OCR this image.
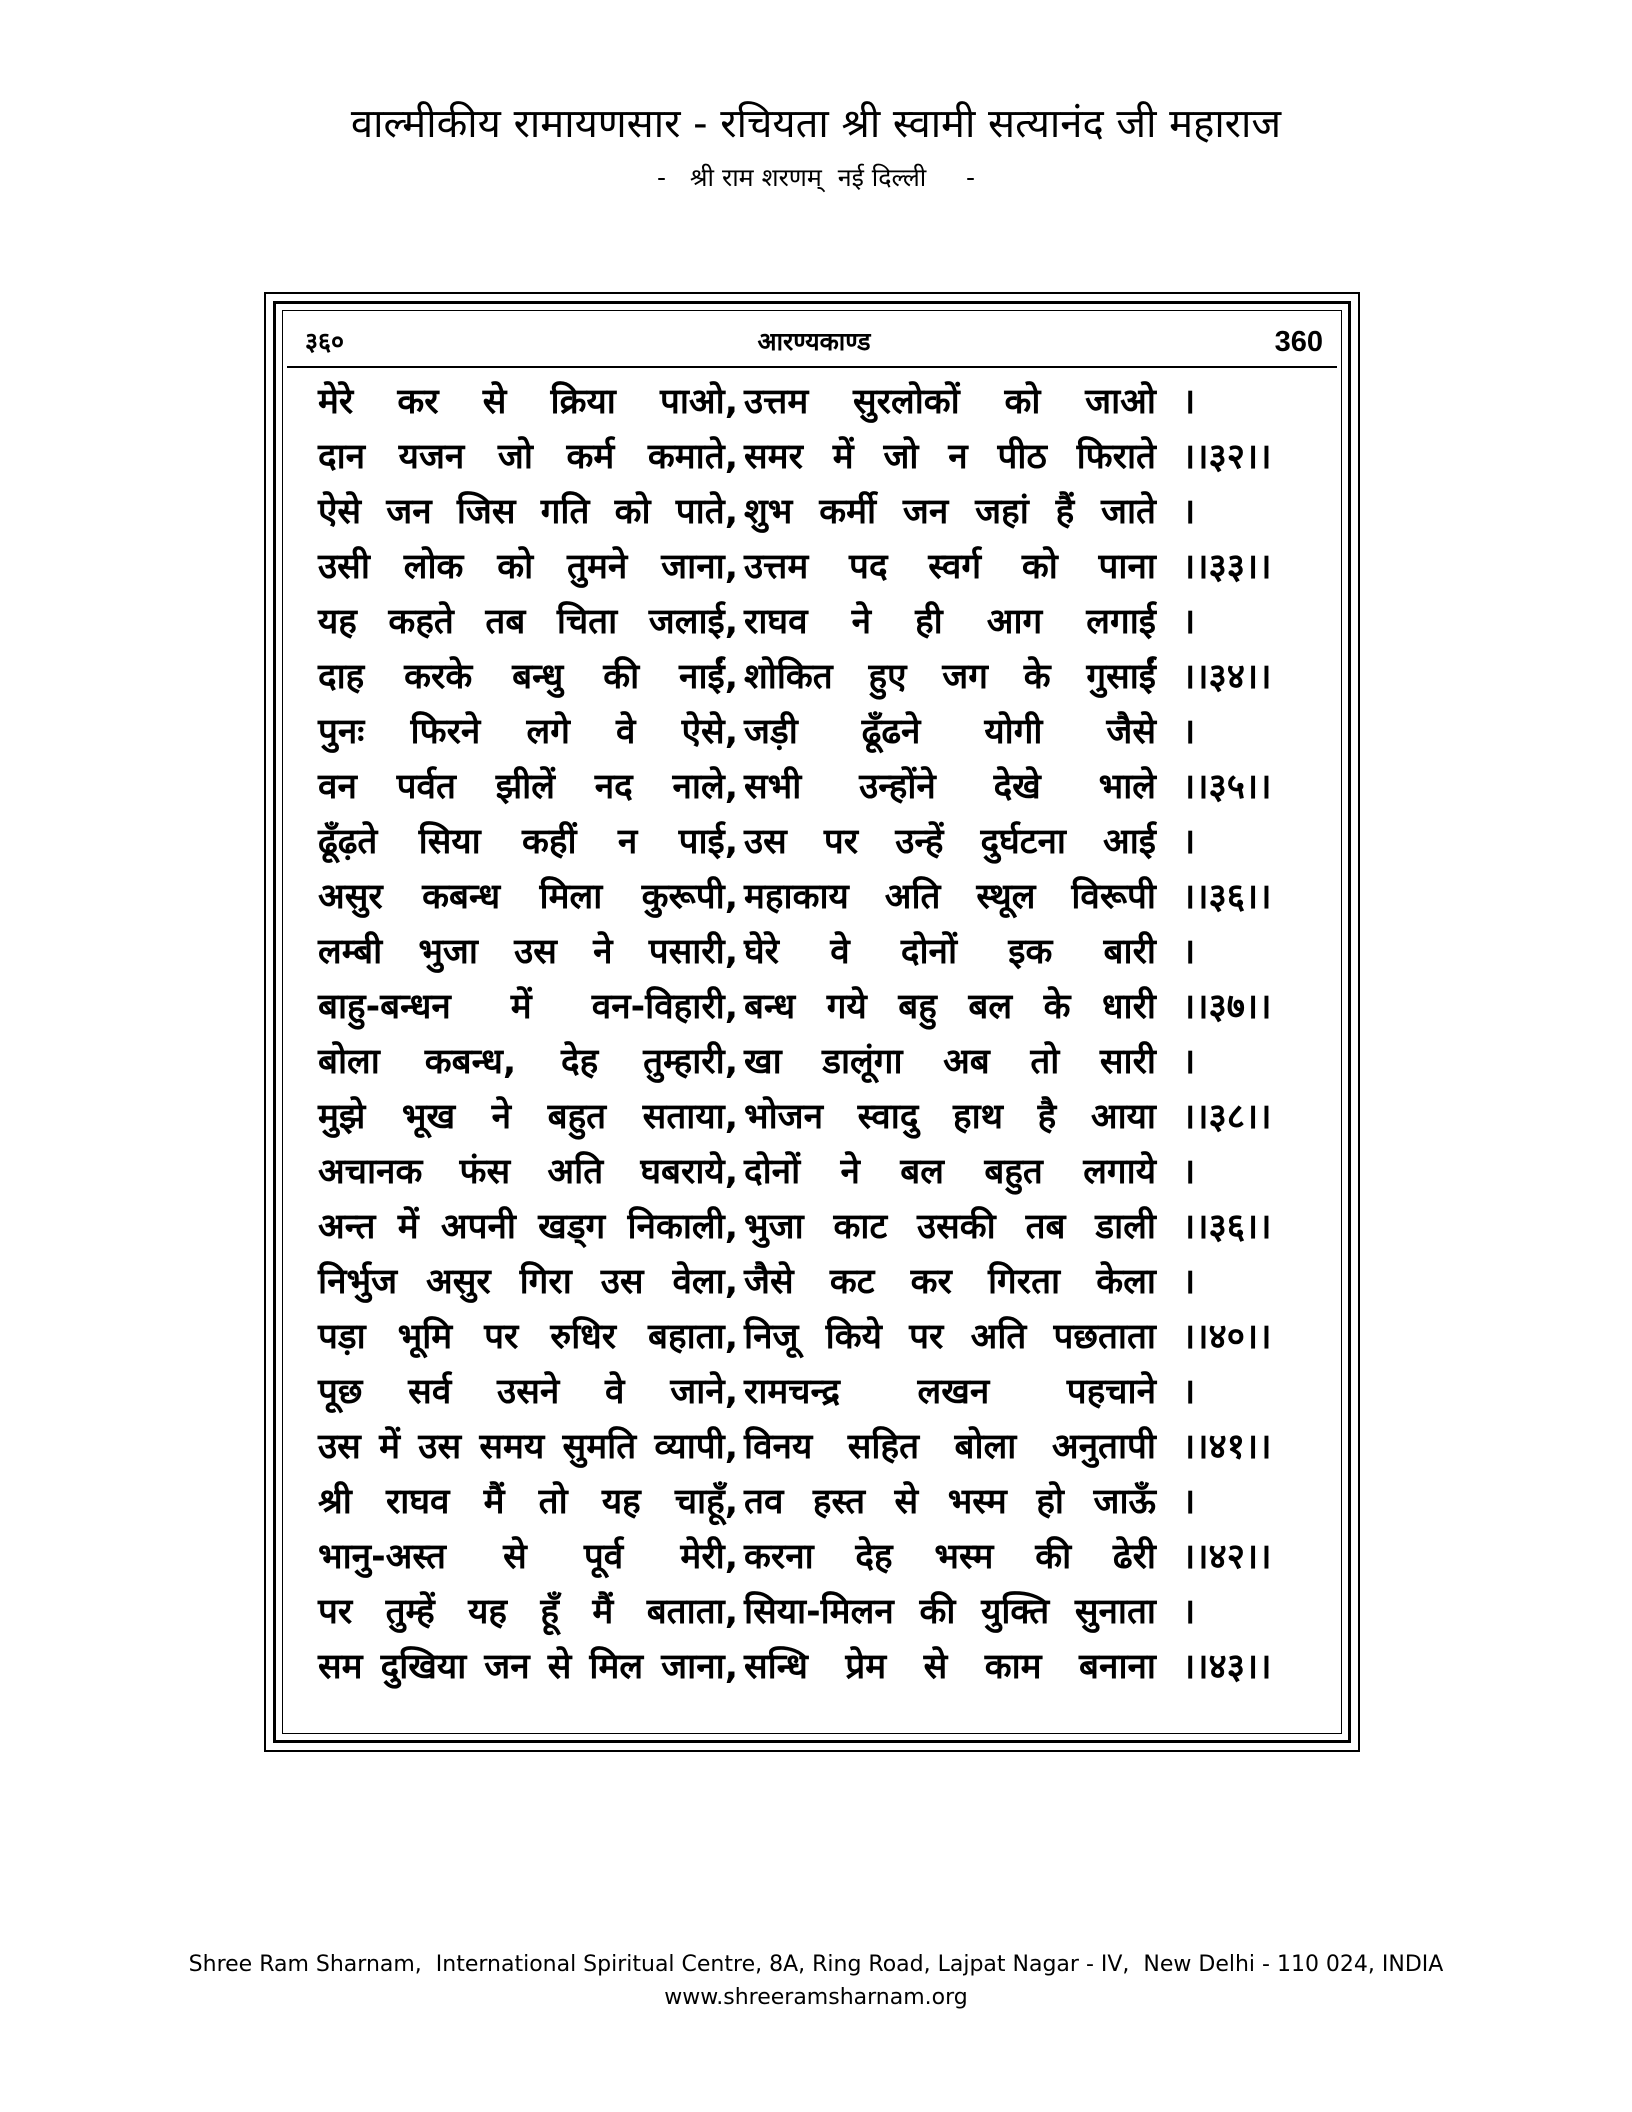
वाल्मीकीय रामायणसार - रचियता श्री स्वामी सत्यानंद जी महाराज
-   श्री राम शरणम्  नई दिल्ली     -
३६०	आरण्यकाण्ड	360
मेरे कर से क्रिया पाओ, उत्तम सुरलोकों को जाओ ।
दान यजन जो कर्म कमाते, समर में जो न पीठ फिराते ।।३२।।
ऐसे जन जिस गति को पाते, शुभ कर्मी जन जहां हैं जाते ।
उसी लोक को तुमने जाना, उत्तम पद स्वर्ग को पाना ।।३३।।
यह कहते तब चिता जलाई, राघव ने ही आग लगाई ।
दाह करके बन्धु की नाईं, शोकित हुए जग के गुसाईं ।।३४।।
पुनः फिरने लगे वे ऐसे, जड़ी ढूँढने योगी जैसे ।
वन पर्वत झीलें नद नाले, सभी उन्होंने देखे भाले ।।३५।।
ढूँढ़ते सिया कहीं न पाई, उस पर उन्हें दुर्घटना आई ।
असुर कबन्ध मिला कुरूपी, महाकाय अति स्थूल विरूपी ।।३६।।
लम्बी भुजा उस ने पसारी, घेरे वे दोनों इक बारी ।
बाहु-बन्धन में वन-विहारी, बन्ध गये बहु बल के धारी ।।३७।।
बोला कबन्ध, देह तुम्हारी, खा डालूंगा अब तो सारी ।
मुझे भूख ने बहुत सताया, भोजन स्वादु हाथ है आया ।।३८।।
अचानक फंस अति घबराये, दोनों ने बल बहुत लगाये ।
अन्त में अपनी खड्ग निकाली, भुजा काट उसकी तब डाली ।।३६।।
निर्भुज असुर गिरा उस वेला, जैसे कट कर गिरता केला ।
पड़ा भूमि पर रुधिर बहाता, निजू किये पर अति पछताता ।।४०।।
पूछ सर्व उसने वे जाने, रामचन्द्र लखन पहचाने ।
उस में उस समय सुमति व्यापी, विनय सहित बोला अनुतापी ।।४१।।
श्री राघव मैं तो यह चाहूँ, तव हस्त से भस्म हो जाऊँ ।
भानु-अस्त से पूर्व मेरी, करना देह भस्म की ढेरी ।।४२।।
पर तुम्हें यह हूँ मैं बताता, सिया-मिलन की युक्ति सुनाता ।
सम दुखिया जन से मिल जाना, सन्धि प्रेम से काम बनाना ।।४३।।
Shree Ram Sharnam,  International Spiritual Centre, 8A, Ring Road, Lajpat Nagar - IV,  New Delhi - 110 024, INDIA
www.shreeramsharnam.org
